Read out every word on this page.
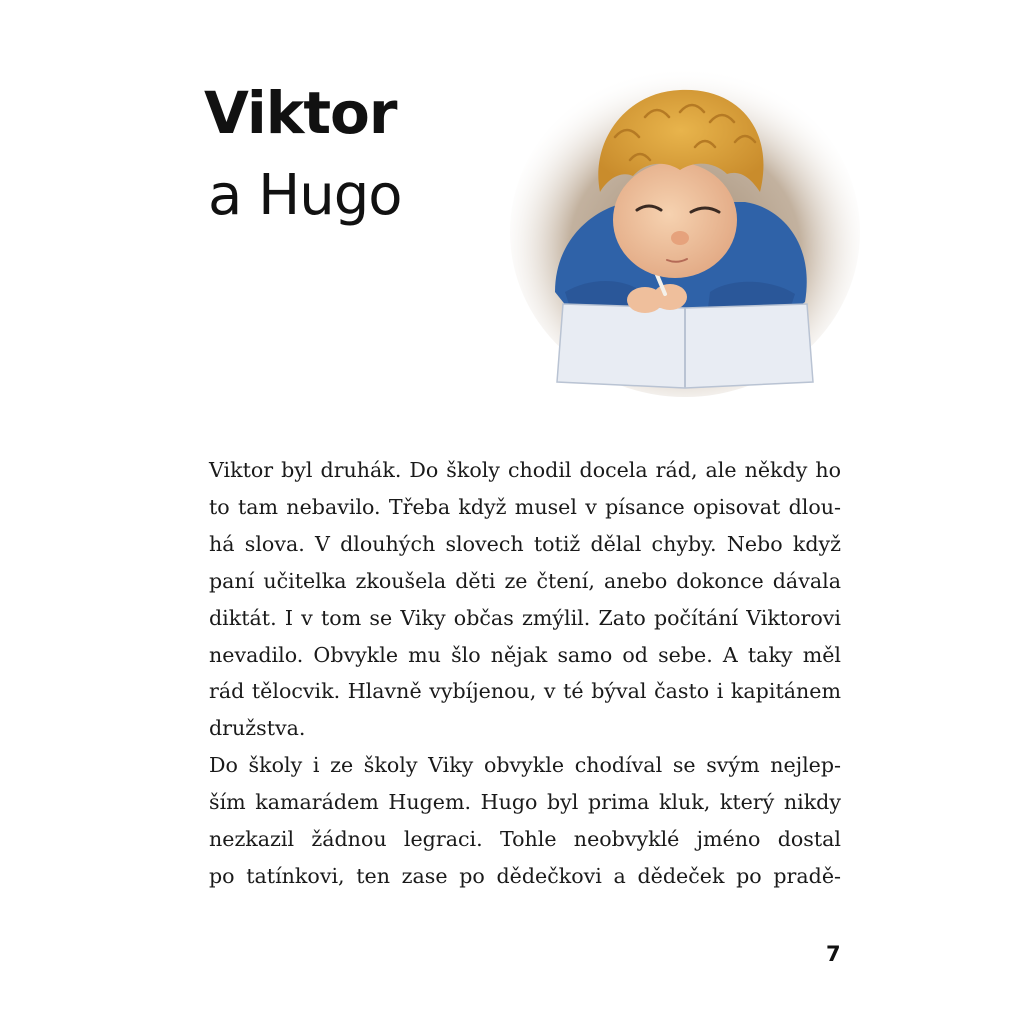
Viktor
a Hugo
Viktor byl druhák. Do školy chodil docela rád, ale někdy ho
to tam nebavilo. Třeba když musel v písance opisovat dlou-
há slova. V dlouhých slovech totiž dělal chyby. Nebo když
paní učitelka zkoušela děti ze čtení, anebo dokonce dávala
diktát. I v tom se Viky občas zmýlil. Zato počítání Viktorovi
nevadilo. Obvykle mu šlo nějak samo od sebe. A taky měl
rád tělocvik. Hlavně vybíjenou, v té býval často i kapitánem
družstva.
Do školy i ze školy Viky obvykle chodíval se svým nejlep-
ším kamarádem Hugem. Hugo byl prima kluk, který nikdy
nezkazil žádnou legraci. Tohle neobvyklé jméno dostal
po tatínkovi, ten zase po dědečkovi a dědeček po pradě-
7
